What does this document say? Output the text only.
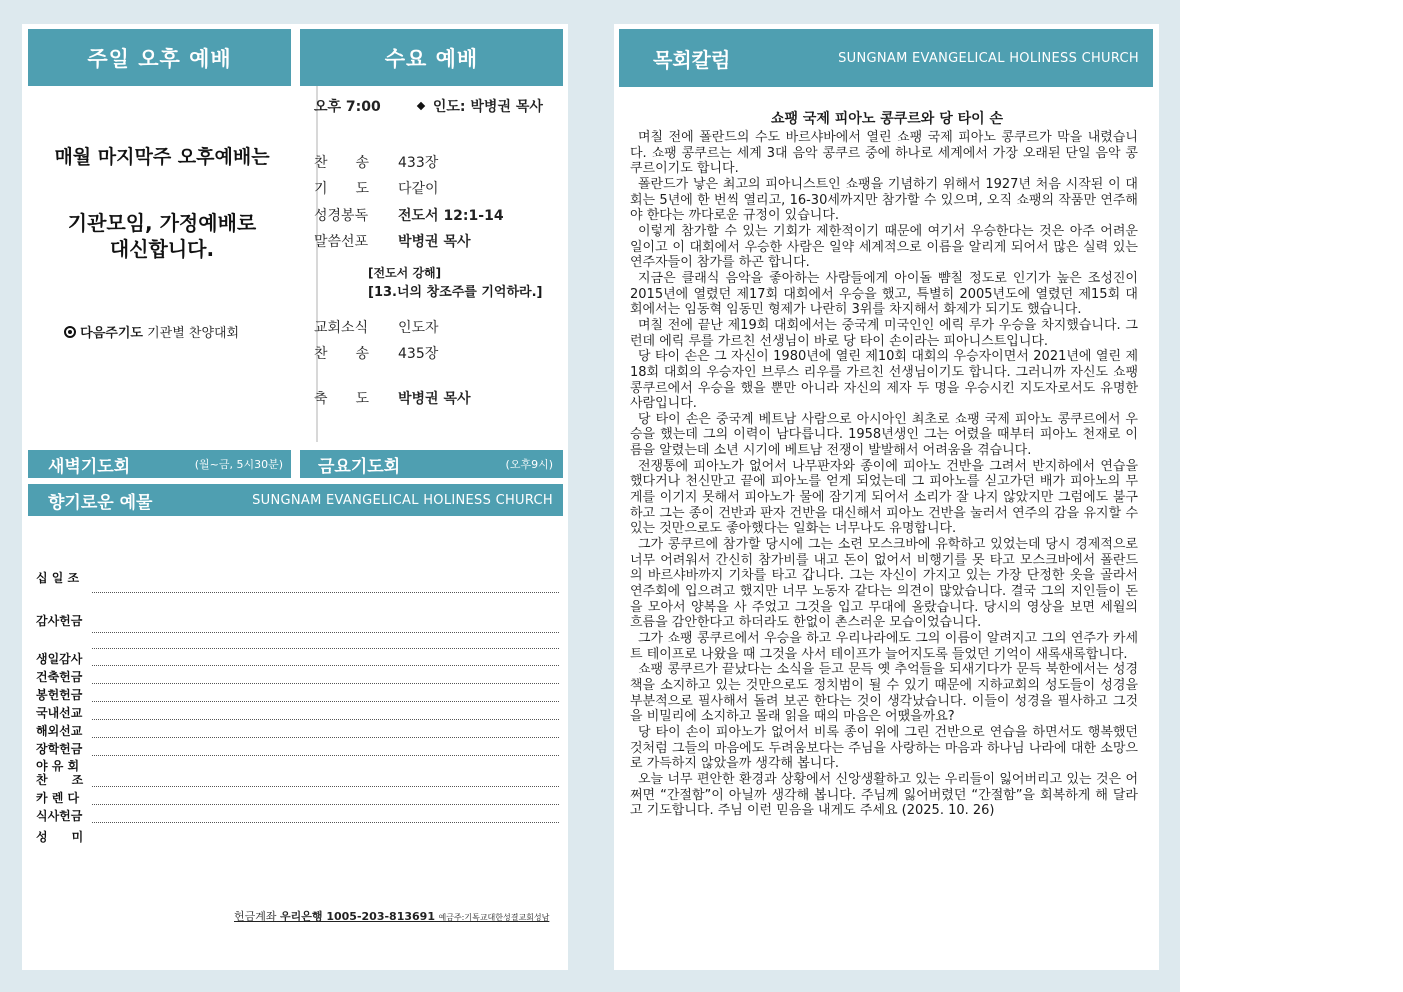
주일 오후 예배	수요 예배
매월 마지막주 오후예배는
기관모임, 가정예배로
대신합니다.
다음주기도 기관별 찬양대회
오후 7:00	인도: 박병권 목사
찬　　송 433장
기　　도 다같이
성경봉독 전도서 12:1-14
말씀선포 박병권 목사
[전도서 강해]
[13.너의 창조주를 기억하라.]
교회소식 인도자
찬　　송 435장
축　　도 박병권 목사
새벽기도회	(월~금, 5시30분) 금요기도회	(오후9시)
향기로운 예물	SUNGNAM EVANGELICAL HOLINESS CHURCH
십 일 조
감사헌금
생일감사
건축헌금
봉헌헌금
국내선교
해외선교
장학헌금
야 유 회
찬　　조
카 렌 다
식사헌금
성　　미
헌금계좌 우리은행 1005-203-813691 예금주:기독교대한성결교회성남
목회칼럼	SUNGNAM EVANGELICAL HOLINESS CHURCH
쇼팽 국제 피아노 콩쿠르와 당 타이 손

며칠 전에 폴란드의 수도 바르샤바에서 열린 쇼팽 국제 피아노 콩쿠르가 막을 내렸습니다. 쇼팽 콩쿠르는 세계 3대 음악 콩쿠르 중에 하나로 세계에서 가장 오래된 단일 음악 콩쿠르이기도 합니다.

폴란드가 낳은 최고의 피아니스트인 쇼팽을 기념하기 위해서 1927년 처음 시작된 이 대회는 5년에 한 번씩 열리고, 16-30세까지만 참가할 수 있으며, 오직 쇼팽의 작품만 연주해야 한다는 까다로운 규정이 있습니다.

이렇게 참가할 수 있는 기회가 제한적이기 때문에 여기서 우승한다는 것은 아주 어려운 일이고 이 대회에서 우승한 사람은 일약 세계적으로 이름을 알리게 되어서 많은 실력 있는 연주자들이 참가를 하곤 합니다.

지금은 클래식 음악을 좋아하는 사람들에게 아이돌 뺨칠 정도로 인기가 높은 조성진이 2015년에 열렸던 제17회 대회에서 우승을 했고, 특별히 2005년도에 열렸던 제15회 대회에서는 임동혁 임동민 형제가 나란히 3위를 차지해서 화제가 되기도 했습니다.

며칠 전에 끝난 제19회 대회에서는 중국계 미국인인 에릭 루가 우승을 차지했습니다. 그런데 에릭 루를 가르친 선생님이 바로 당 타이 손이라는 피아니스트입니다.

당 타이 손은 그 자신이 1980년에 열린 제10회 대회의 우승자이면서 2021년에 열린 제18회 대회의 우승자인 브루스 리우를 가르친 선생님이기도 합니다. 그러니까 자신도 쇼팽 콩쿠르에서 우승을 했을 뿐만 아니라 자신의 제자 두 명을 우승시킨 지도자로서도 유명한 사람입니다.

당 타이 손은 중국계 베트남 사람으로 아시아인 최초로 쇼팽 국제 피아노 콩쿠르에서 우승을 했는데 그의 이력이 남다릅니다. 1958년생인 그는 어렸을 때부터 피아노 천재로 이름을 알렸는데 소년 시기에 베트남 전쟁이 발발해서 어려움을 겪습니다.

전쟁통에 피아노가 없어서 나무판자와 종이에 피아노 건반을 그려서 반지하에서 연습을 했다거나 천신만고 끝에 피아노를 얻게 되었는데 그 피아노를 싣고가던 배가 피아노의 무게를 이기지 못해서 피아노가 물에 잠기게 되어서 소리가 잘 나지 않았지만 그럼에도 불구하고 그는 종이 건반과 판자 건반을 대신해서 피아노 건반을 눌러서 연주의 감을 유지할 수 있는 것만으로도 좋아했다는 일화는 너무나도 유명합니다.

그가 콩쿠르에 참가할 당시에 그는 소련 모스크바에 유학하고 있었는데 당시 경제적으로 너무 어려워서 간신히 참가비를 내고 돈이 없어서 비행기를 못 타고 모스크바에서 폴란드의 바르샤바까지 기차를 타고 갑니다. 그는 자신이 가지고 있는 가장 단정한 옷을 골라서 연주회에 입으려고 했지만 너무 노동자 같다는 의견이 많았습니다. 결국 그의 지인들이 돈을 모아서 양복을 사 주었고 그것을 입고 무대에 올랐습니다. 당시의 영상을 보면 세월의 흐름을 감안한다고 하더라도 한없이 촌스러운 모습이었습니다.

그가 쇼팽 콩쿠르에서 우승을 하고 우리나라에도 그의 이름이 알려지고 그의 연주가 카세트 테이프로 나왔을 때 그것을 사서 테이프가 늘어지도록 들었던 기억이 새록새록합니다.

쇼팽 콩쿠르가 끝났다는 소식을 듣고 문득 옛 추억들을 되새기다가 문득 북한에서는 성경책을 소지하고 있는 것만으로도 정치범이 될 수 있기 때문에 지하교회의 성도들이 성경을 부분적으로 필사해서 돌려 보곤 한다는 것이 생각났습니다. 이들이 성경을 필사하고 그것을 비밀리에 소지하고 몰래 읽을 때의 마음은 어땠을까요?

당 타이 손이 피아노가 없어서 비록 종이 위에 그린 건반으로 연습을 하면서도 행복했던 것처럼 그들의 마음에도 두려움보다는 주님을 사랑하는 마음과 하나님 나라에 대한 소망으로 가득하지 않았을까 생각해 봅니다.

오늘 너무 편안한 환경과 상황에서 신앙생활하고 있는 우리들이 잃어버리고 있는 것은 어쩌면 “간절함”이 아닐까 생각해 봅니다. 주님께 잃어버렸던 “간절함”을 회복하게 해 달라고 기도합니다. 주님 이런 믿음을 내게도 주세요 (2025. 10. 26)
